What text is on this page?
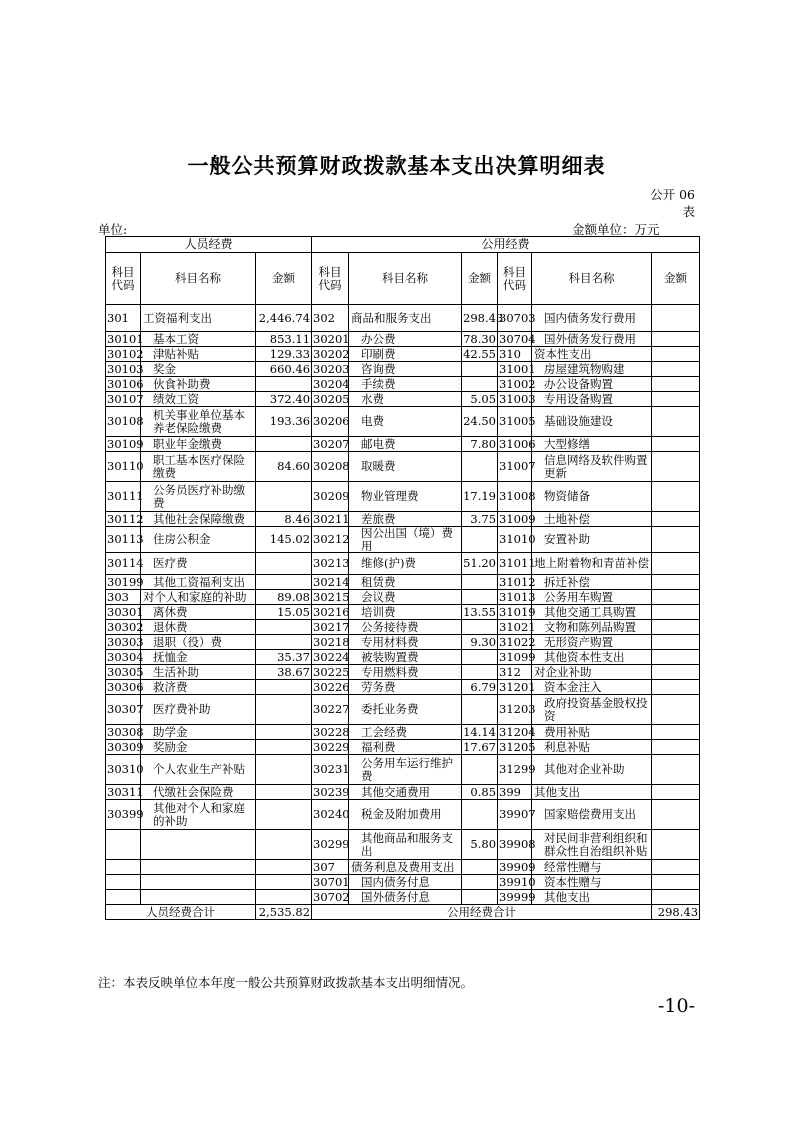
一般公共预算财政拨款基本支出决算明细表
公开 06
表
单位:	金额单位：万元
人员经费			公用经费					
科目代码	科目名称	金额	科目代码	科目名称	金额	科目代码	科目名称	金额
301	工资福利支出	2,446.74	302	商品和服务支出	298.43	30703	国内债务发行费用	
30101	基本工资	853.11	30201	办公费	78.30	30704	国外债务发行费用	
30102	津贴补贴	129.33	30202	印刷费	42.55	310	资本性支出	
30103	奖金	660.46	30203	咨询费		31001	房屋建筑物购建	
30106	伙食补助费		30204	手续费		31002	办公设备购置	
30107	绩效工资	372.40	30205	水费	5.05	31003	专用设备购置	
30108	机关事业单位基本养老保险缴费	193.36	30206	电费	24.50	31005	基础设施建设	
30109	职业年金缴费		30207	邮电费	7.80	31006	大型修缮	
30110	职工基本医疗保险缴费	84.60	30208	取暖费		31007	信息网络及软件购置更新	
30111	公务员医疗补助缴费		30209	物业管理费	17.19	31008	物资储备	
30112	其他社会保障缴费	8.46	30211	差旅费	3.75	31009	土地补偿	
30113	住房公积金	145.02	30212	因公出国（境）费用		31010	安置补助	
30114	医疗费		30213	维修(护)费	51.20	31011	地上附着物和青苗补偿	
30199	其他工资福利支出		30214	租赁费		31012	拆迁补偿	
303	对个人和家庭的补助	89.08	30215	会议费		31013	公务用车购置	
30301	离休费	15.05	30216	培训费	13.55	31019	其他交通工具购置	
30302	退休费		30217	公务接待费		31021	文物和陈列品购置	
30303	退职（役）费		30218	专用材料费	9.30	31022	无形资产购置	
30304	抚恤金	35.37	30224	被装购置费		31099	其他资本性支出	
30305	生活补助	38.67	30225	专用燃料费		312	对企业补助	
30306	救济费		30226	劳务费	6.79	31201	资本金注入	
30307	医疗费补助		30227	委托业务费		31203	政府投资基金股权投资	
30308	助学金		30228	工会经费	14.14	31204	费用补贴	
30309	奖励金		30229	福利费	17.67	31205	利息补贴	
30310	个人农业生产补贴		30231	公务用车运行维护费		31299	其他对企业补助	
30311	代缴社会保险费		30239	其他交通费用	0.85	399	其他支出	
30399	其他对个人和家庭的补助		30240	税金及附加费用		39907	国家赔偿费用支出	
			30299	其他商品和服务支出	5.80	39908	对民间非营利组织和群众性自治组织补贴	
			307	债务利息及费用支出		39909	经常性赠与	
			30701	国内债务付息		39910	资本性赠与	
			30702	国外债务付息		39999	其他支出	
人员经费合计		2,535.82	公用经费合计					298.43
注：本表反映单位本年度一般公共预算财政拨款基本支出明细情况。
-10-
